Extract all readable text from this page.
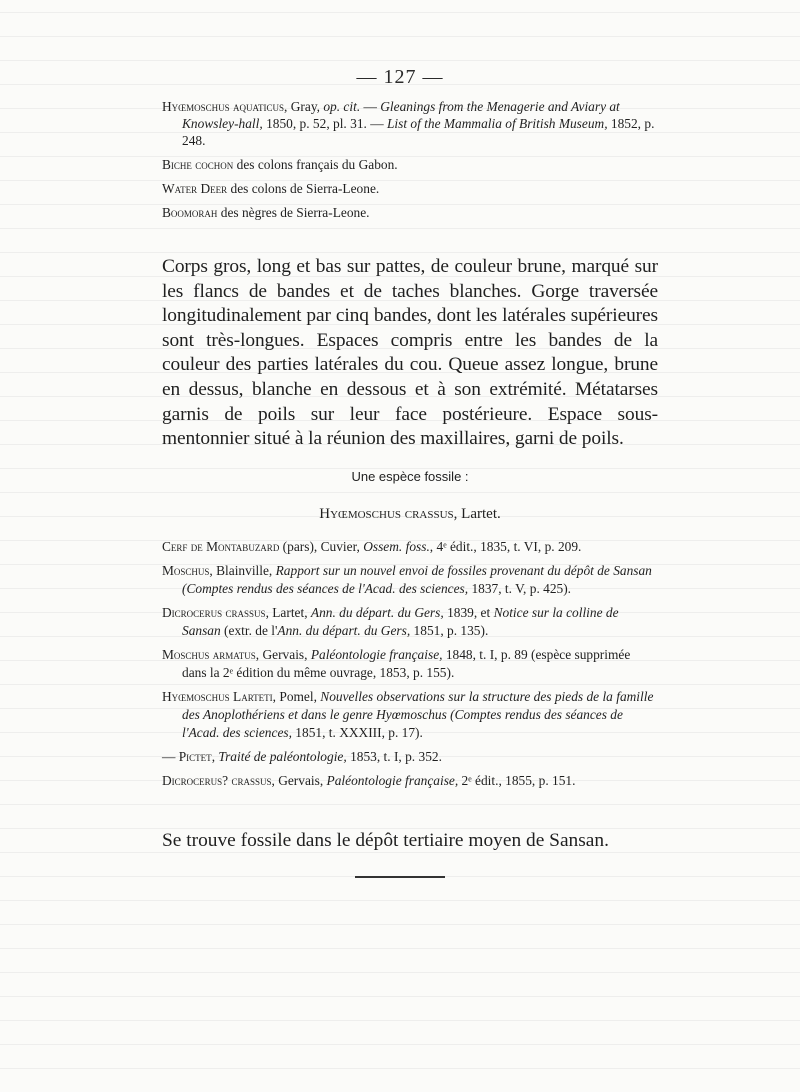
— 127 —

Hyœmoschus aquaticus, Gray, op. cit. — Gleanings from the Menagerie and Aviary at Knowsley-hall, 1850, p. 52, pl. 31. — List of the Mammalia of British Museum, 1852, p. 248.

Biche cochon des colons français du Gabon.

Water Deer des colons de Sierra-Leone.

Boomorah des nègres de Sierra-Leone.

Corps gros, long et bas sur pattes, de couleur brune, marqué sur les flancs de bandes et de taches blanches. Gorge traversée longitudinalement par cinq bandes, dont les latérales supérieures sont très-longues. Espaces compris entre les bandes de la couleur des parties latérales du cou. Queue assez longue, brune en dessus, blanche en dessous et à son extrémité. Métatarses garnis de poils sur leur face postérieure. Espace sous-mentonnier situé à la réunion des maxillaires, garni de poils.

Une espèce fossile :
Hyœmoschus crassus, Lartet.

Cerf de Montabuzard (pars), Cuvier, Ossem. foss., 4ᵉ édit., 1835, t. VI, p. 209.

Moschus, Blainville, Rapport sur un nouvel envoi de fossiles provenant du dépôt de Sansan (Comptes rendus des séances de l'Acad. des sciences, 1837, t. V, p. 425).

Dicrocerus crassus, Lartet, Ann. du départ. du Gers, 1839, et Notice sur la colline de Sansan (extr. de l'Ann. du départ. du Gers, 1851, p. 135).

Moschus armatus, Gervais, Paléontologie française, 1848, t. I, p. 89 (espèce supprimée dans la 2ᵉ édition du même ouvrage, 1853, p. 155).

Hyœmoschus Larteti, Pomel, Nouvelles observations sur la structure des pieds de la famille des Anoplothériens et dans le genre Hyœmoschus (Comptes rendus des séances de l'Acad. des sciences, 1851, t. XXXIII, p. 17).

— Pictet, Traité de paléontologie, 1853, t. I, p. 352.

Dicrocerus? crassus, Gervais, Paléontologie française, 2ᵉ édit., 1855, p. 151.

Se trouve fossile dans le dépôt tertiaire moyen de Sansan.
